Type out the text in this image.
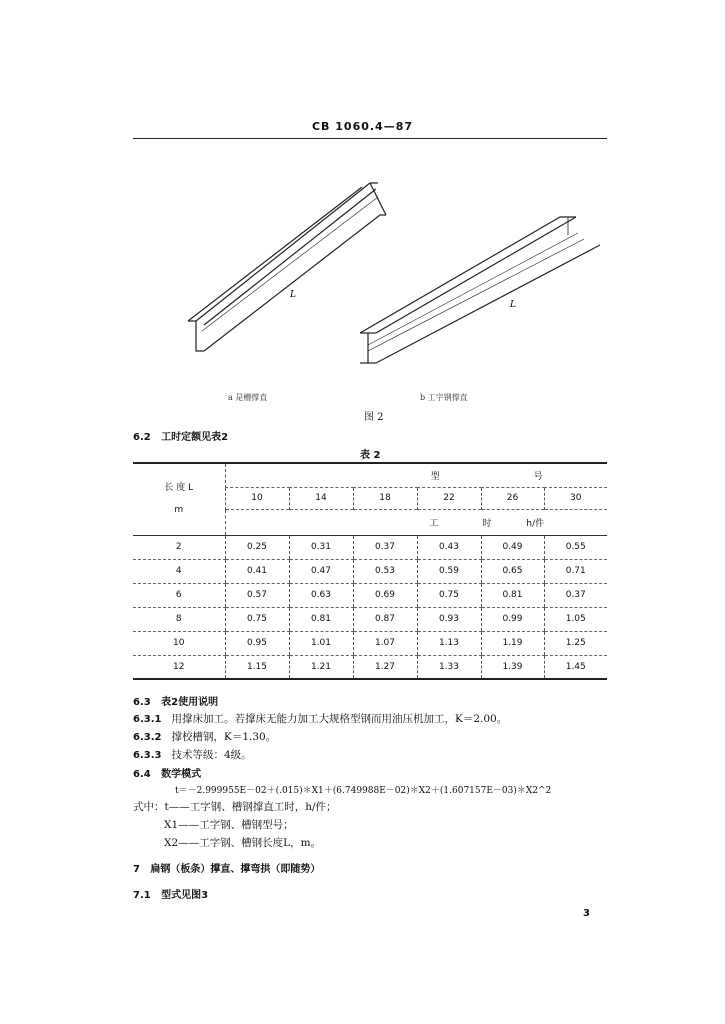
CB 1060.4—87
L
L
a 是槽撑直	b 工字钢撑直
图 2
6.2 工时定额见表2
表 2
长 度 L
m	型 号					
	10	14	18	22	26	30
	工 时 h/件					
2	0.25	0.31	0.37	0.43	0.49	0.55
4	0.41	0.47	0.53	0.59	0.65	0.71
6	0.57	0.63	0.69	0.75	0.81	0.37
8	0.75	0.81	0.87	0.93	0.99	1.05
10	0.95	1.01	1.07	1.13	1.19	1.25
12	1.15	1.21	1.27	1.33	1.39	1.45
6.3 表2使用说明
6.3.1 用撑床加工。若撑床无能力加工大规格型钢而用油压机加工，K＝2.00。
6.3.2 撑校槽钢，K＝1.30。
6.3.3 技术等级：4级。
6.4 数学模式
t＝－2.999955E－02＋(.015)＊X1＋(6.749988E－02)＊X2＋(1.607157E－03)＊X2^2
式中：t——工字钢、槽钢撑直工时，h/件；
X1——工字钢、槽钢型号；
X2——工字钢、槽钢长度L，m。
7 扁钢（板条）撑直、撑弯拱（即随势）
7.1 型式见图3
3
